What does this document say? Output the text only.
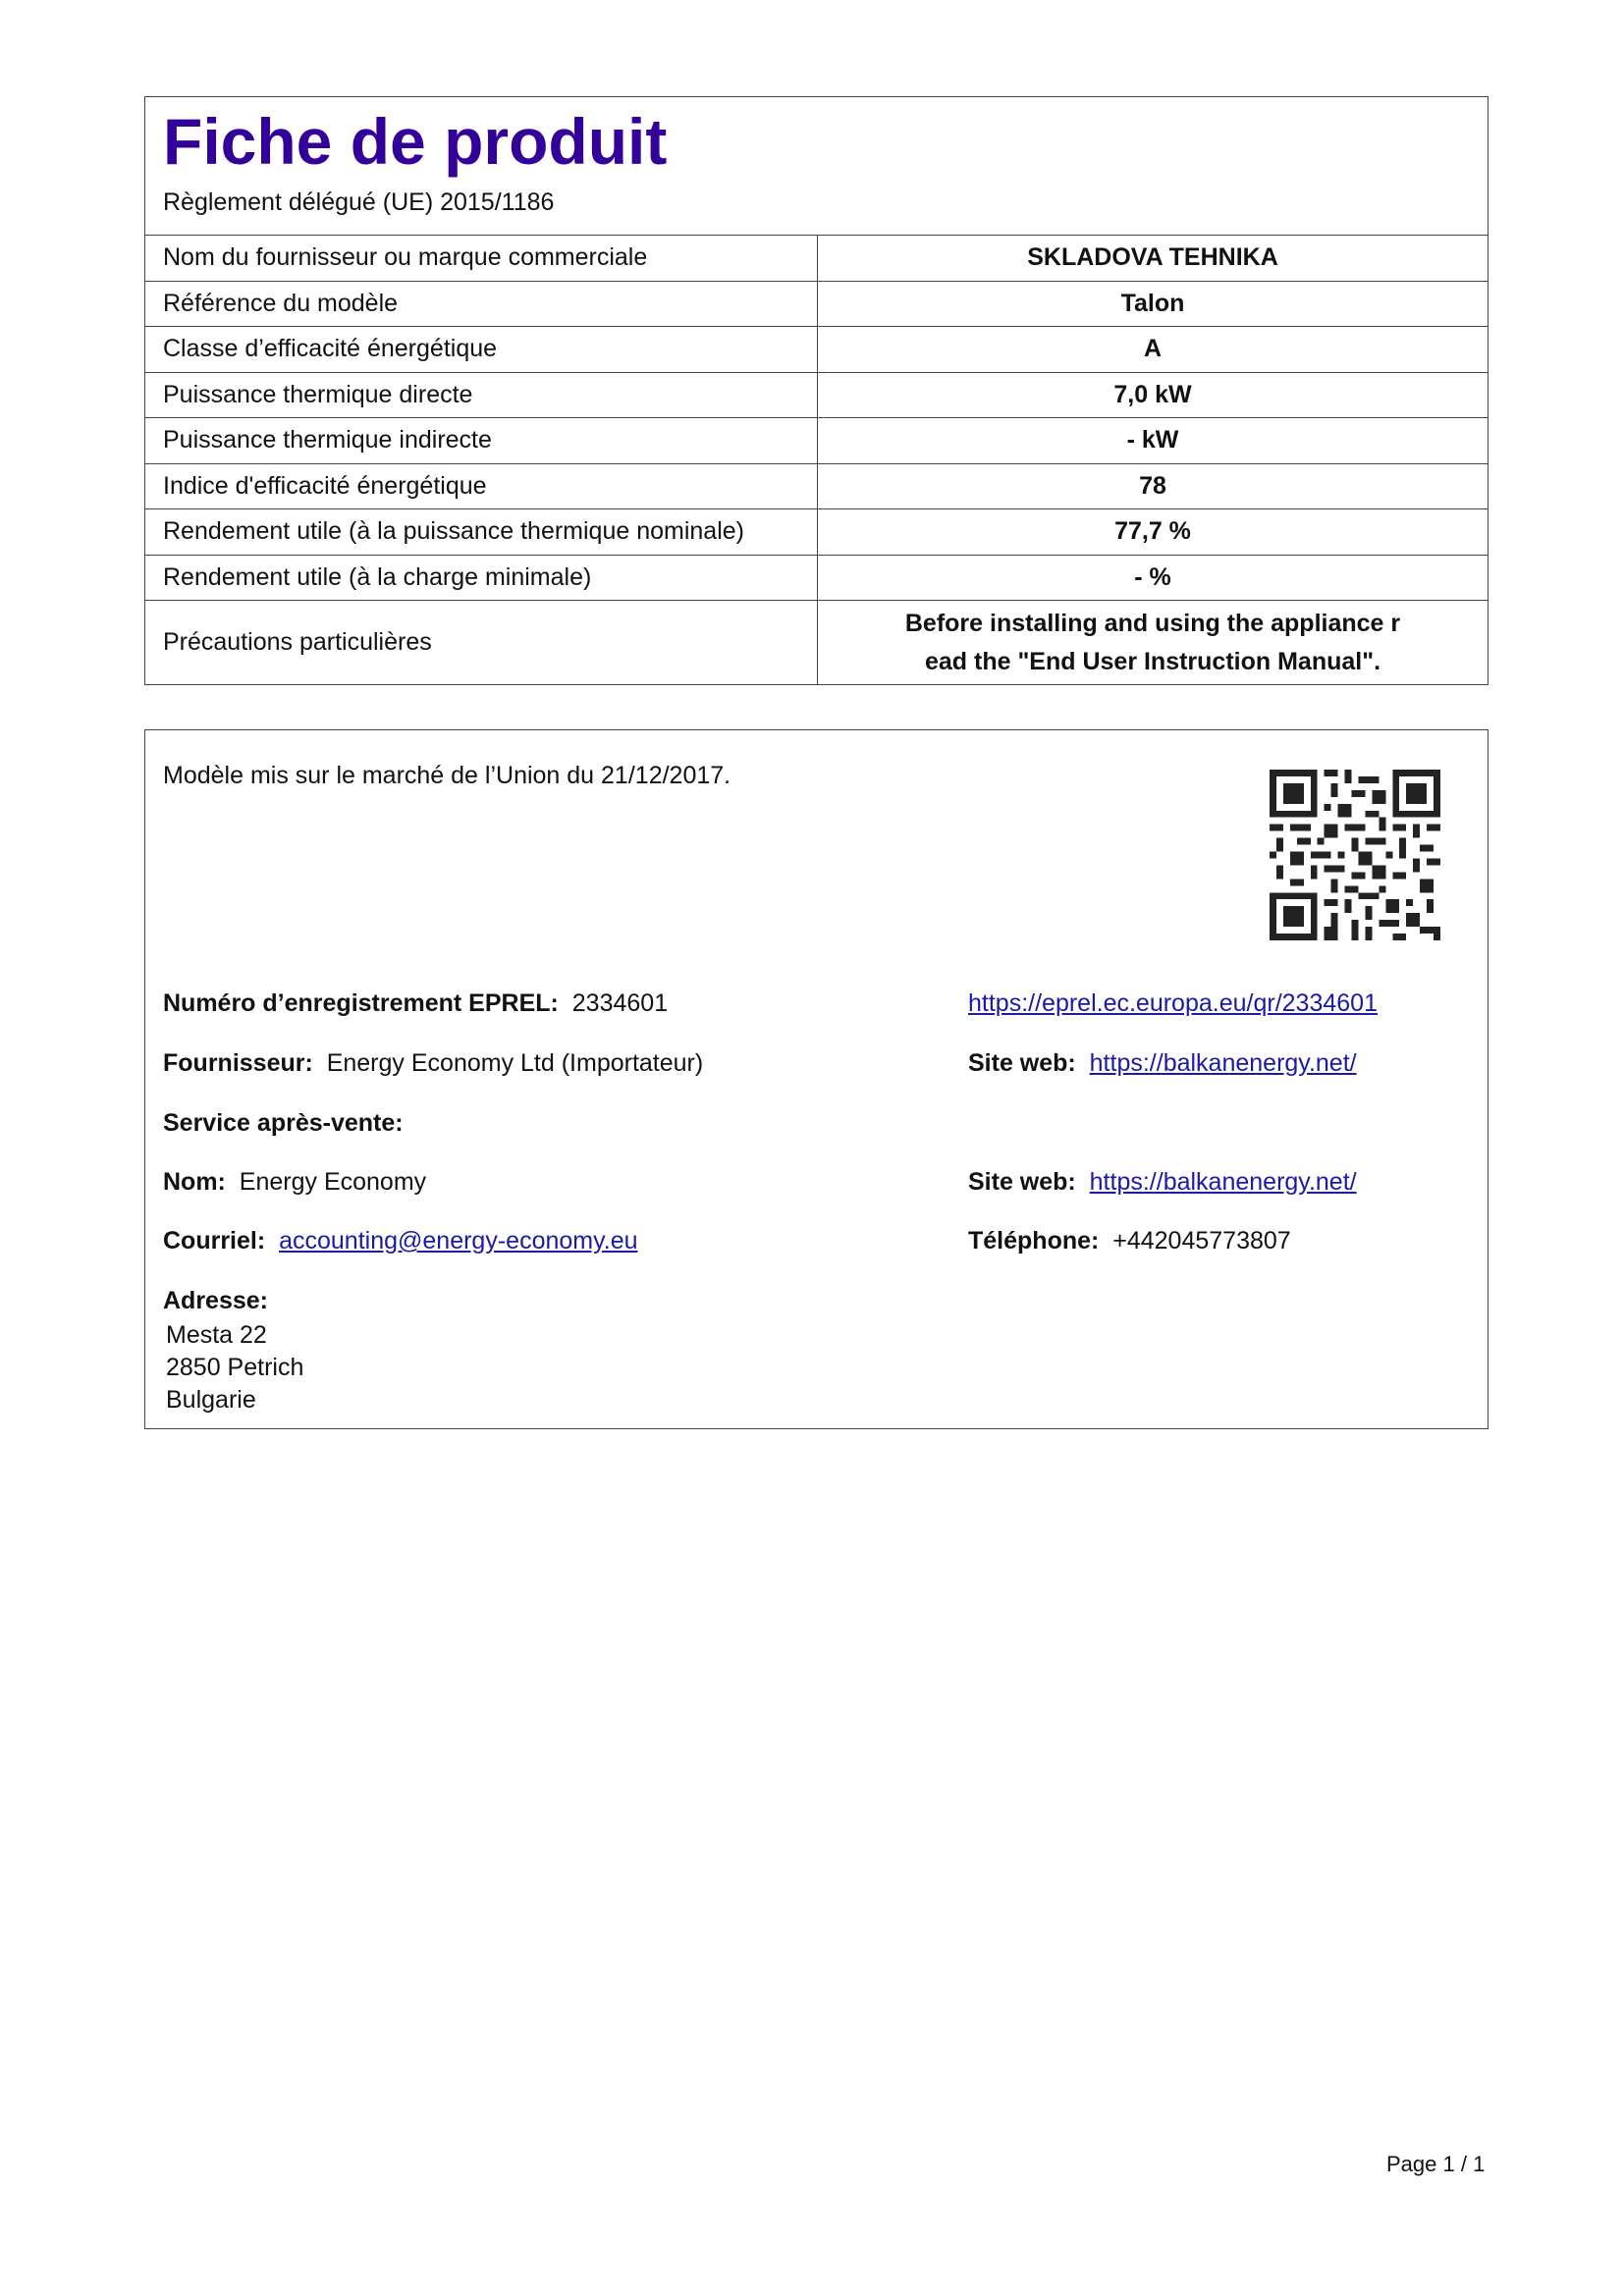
Fiche de produit
Règlement délégué (UE) 2015/1186
Nom du fournisseur ou marque commerciale	SKLADOVA TEHNIKA
Référence du modèle	Talon
Classe d’efficacité énergétique	A
Puissance thermique directe	7,0 kW
Puissance thermique indirecte	- kW
Indice d'efficacité énergétique	78
Rendement utile (à la puissance thermique nominale)	77,7 %
Rendement utile (à la charge minimale)	- %
Précautions particulières	Before installing and using the appliance r
ead the "End User Instruction Manual".
Modèle mis sur le marché de l’Union du 21/12/2017.
Numéro d’enregistrement EPREL: 2334601	https://eprel.ec.europa.eu/qr/2334601
Fournisseur: Energy Economy Ltd (Importateur)	Site web: https://balkanenergy.net/
Service après-vente:
Nom: Energy Economy	Site web: https://balkanenergy.net/
Courriel: accounting@energy-economy.eu	Téléphone: +442045773807
Adresse:
Mesta 22
2850 Petrich
Bulgarie
Page 1 / 1
